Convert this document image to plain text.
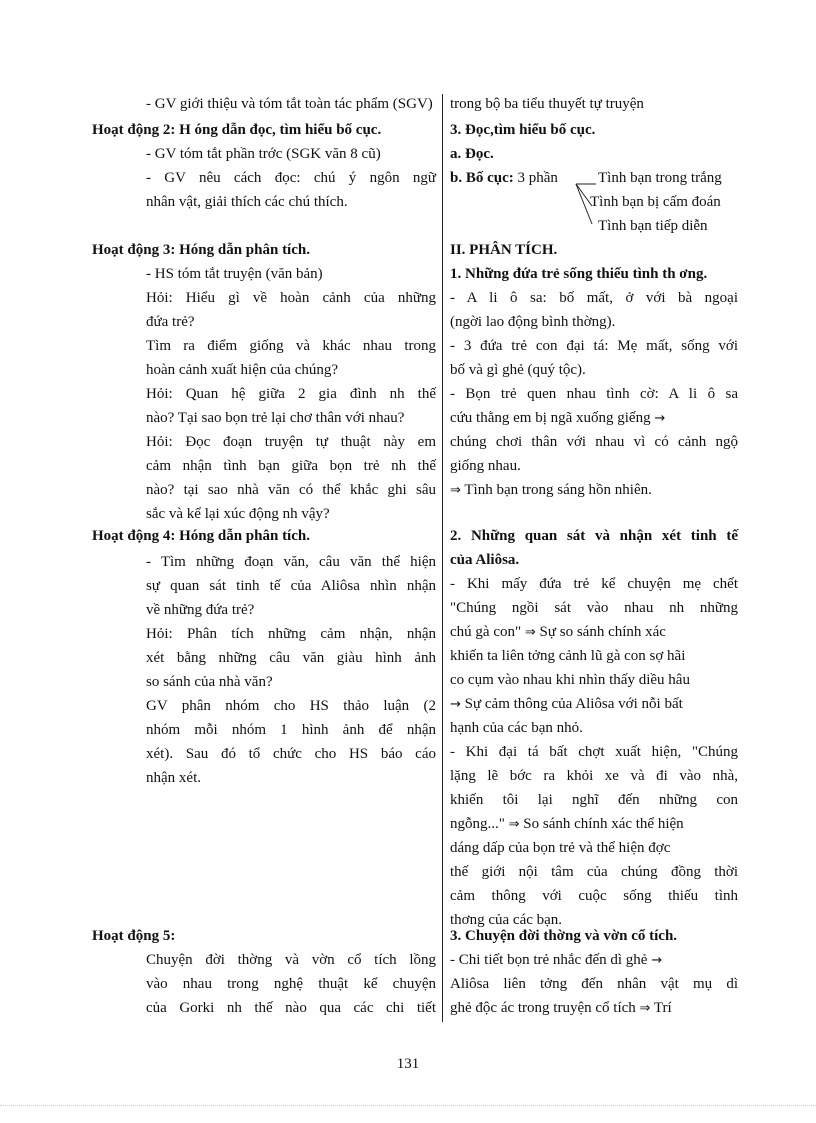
- GV giới thiệu và tóm tắt toàn tác phẩm (SGV)
Hoạt động 2: H óng dẫn đọc, tìm hiểu bố cục.
- GV tóm tắt phần trớc (SGK văn 8 cũ)
- GV nêu cách đọc: chú ý ngôn ngữ
nhân vật, giải thích các chú thích.
Hoạt động 3: Hóng dẫn phân tích.
- HS tóm tắt truyện (văn bản)
Hỏi: Hiểu gì về hoàn cảnh của những
đứa trẻ?
Tìm ra điểm giống và khác nhau trong
hoàn cảnh xuất hiện của chúng?
Hỏi: Quan hệ giữa 2 gia đình nh thế
nào? Tại sao bọn trẻ lại chơ thân với nhau?
Hỏi: Đọc đoạn truyện tự thuật này em
cảm nhận tình bạn giữa bọn trẻ nh thế
nào? tại sao nhà văn có thể khắc ghi sâu
sắc và kể lại xúc động nh vậy?
Hoạt động 4: Hóng dẫn phân tích.
- Tìm những đoạn văn, câu văn thể hiện
sự quan sát tinh tế của Aliôsa nhìn nhận
về những đứa trẻ?
Hỏi: Phân tích những cảm nhận, nhận
xét bằng những câu văn giàu hình ảnh
so sánh của nhà văn?
GV phân nhóm cho HS thảo luận (2
nhóm mỗi nhóm 1 hình ảnh để nhận
xét). Sau đó tổ chức cho HS báo cáo
nhận xét.
Hoạt động 5:
Chuyện đời thờng và vờn cổ tích lồng
vào nhau trong nghệ thuật kể chuyện
của Gorki nh thế nào qua các chi tiết
trong bộ ba tiểu thuyết tự truyện
3. Đọc,tìm hiểu bố cục.
a. Đọc.
b. Bố cục: 3 phần	Tình bạn trong trắng
Tình bạn bị cấm đoán
Tình bạn tiếp diễn
II. PHÂN TÍCH.
1. Những đứa trẻ sống thiếu tình th ơng.
- A li ô sa: bố mất, ở với bà ngoại
(ngời lao động bình thờng).
- 3 đứa trẻ con đại tá: Mẹ mất, sống với
bố và gì ghẻ (quý tộc).
- Bọn trẻ quen nhau tình cờ: A li ô sa
cứu thằng em bị ngã xuống giếng →
chúng chơi thân với nhau vì có cảnh ngộ
giống nhau.
⇒ Tình bạn trong sáng hồn nhiên.
2. Những quan sát và nhận xét tinh tế
của Aliôsa.
- Khi mấy đứa trẻ kể chuyện mẹ chết
"Chúng ngồi sát vào nhau nh những
chú gà con" ⇒ Sự so sánh chính xác
khiến ta liên tởng cảnh lũ gà con sợ hãi
co cụm vào nhau khi nhìn thấy diều hâu
→ Sự cảm thông của Aliôsa với nỗi bất
hạnh của các bạn nhỏ.
- Khi đại tá bất chợt xuất hiện, "Chúng
lặng lẽ bớc ra khỏi xe và đi vào nhà,
khiến tôi lại nghĩ đến những con
ngỗng..." ⇒ So sánh chính xác thể hiện
dáng dấp của bọn trẻ và thể hiện đợc
thế giới nội tâm của chúng đồng thời
cảm thông với cuộc sống thiếu tình
thơng của các bạn.
3. Chuyện đời thờng và vờn cổ tích.
- Chi tiết bọn trẻ nhắc đến dì ghẻ →
Aliôsa liên tởng đến nhân vật mụ dì
ghẻ độc ác trong truyện cổ tích ⇒ Trí
131
